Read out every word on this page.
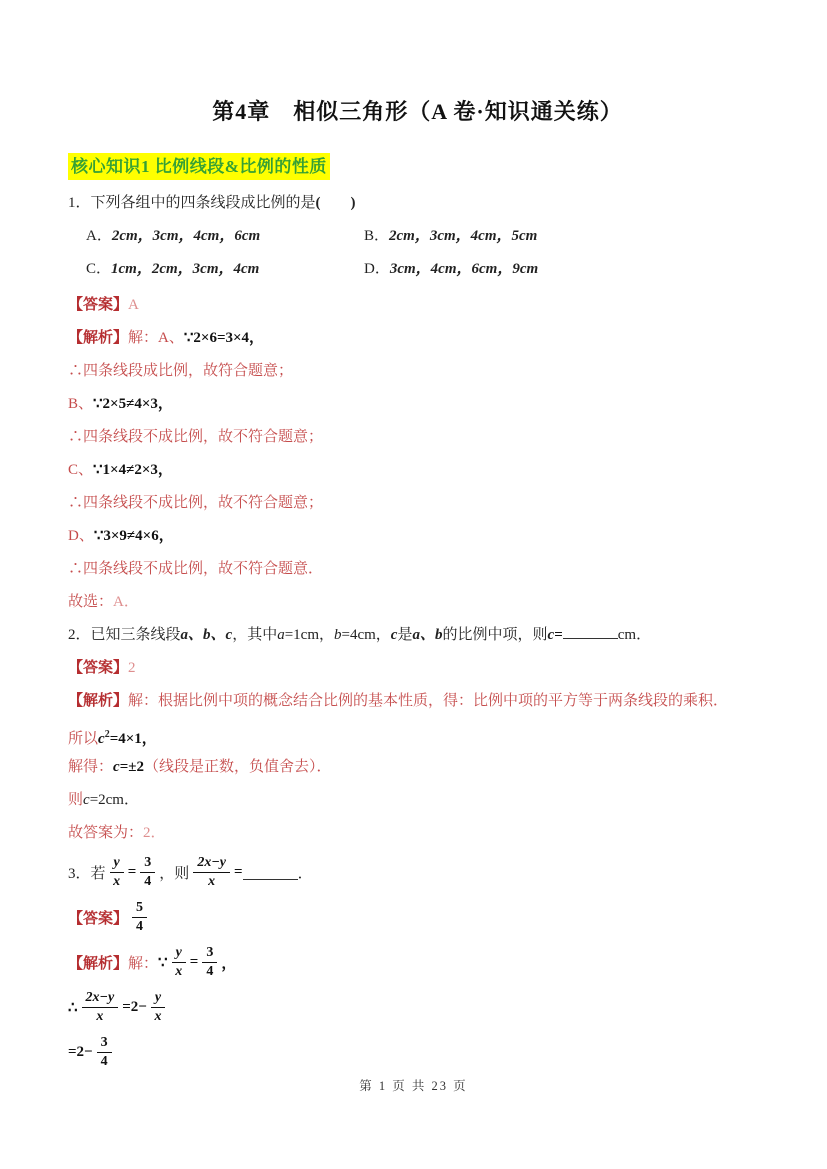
第4章　相似三角形（A 卷·知识通关练）
核心知识1 比例线段&比例的性质
1．下列各组中的四条线段成比例的是(　　)
A．2cm，3cm，4cm，6cm	B．2cm，3cm，4cm，5cm
C．1cm，2cm，3cm，4cm	D．3cm，4cm，6cm，9cm

【答案】A

【解析】解：A、∵2×6=3×4，

∴四条线段成比例，故符合题意；

B、∵2×5≠4×3，

∴四条线段不成比例，故不符合题意；

C、∵1×4≠2×3，

∴四条线段不成比例，故不符合题意；

D、∵3×9≠4×6，

∴四条线段不成比例，故不符合题意．

故选：A．

2．已知三条线段a、b、c，其中a=1cm，b=4cm，c是a、b的比例中项，则c=	cm．

【答案】2

【解析】解：根据比例中项的概念结合比例的基本性质，得：比例中项的平方等于两条线段的乘积．

所以$c^2=4\times 1$，

解得：c=±2（线段是正数，负值舍去）．

则c=2cm．

故答案为：2．

3．若 $\frac{y}{x} = \frac{3}{4}$ ，则 $\frac{2x-y}{x}$ =	．
【答案】 $\frac{5}{4}$
【解析】 解： ∵ $\frac{y}{x} = \frac{3}{4}$ ，
∴ $\frac{2x-y}{x} =2- \frac{y}{x}$
$=2- \frac{3}{4}$
第 1 页 共 23 页
